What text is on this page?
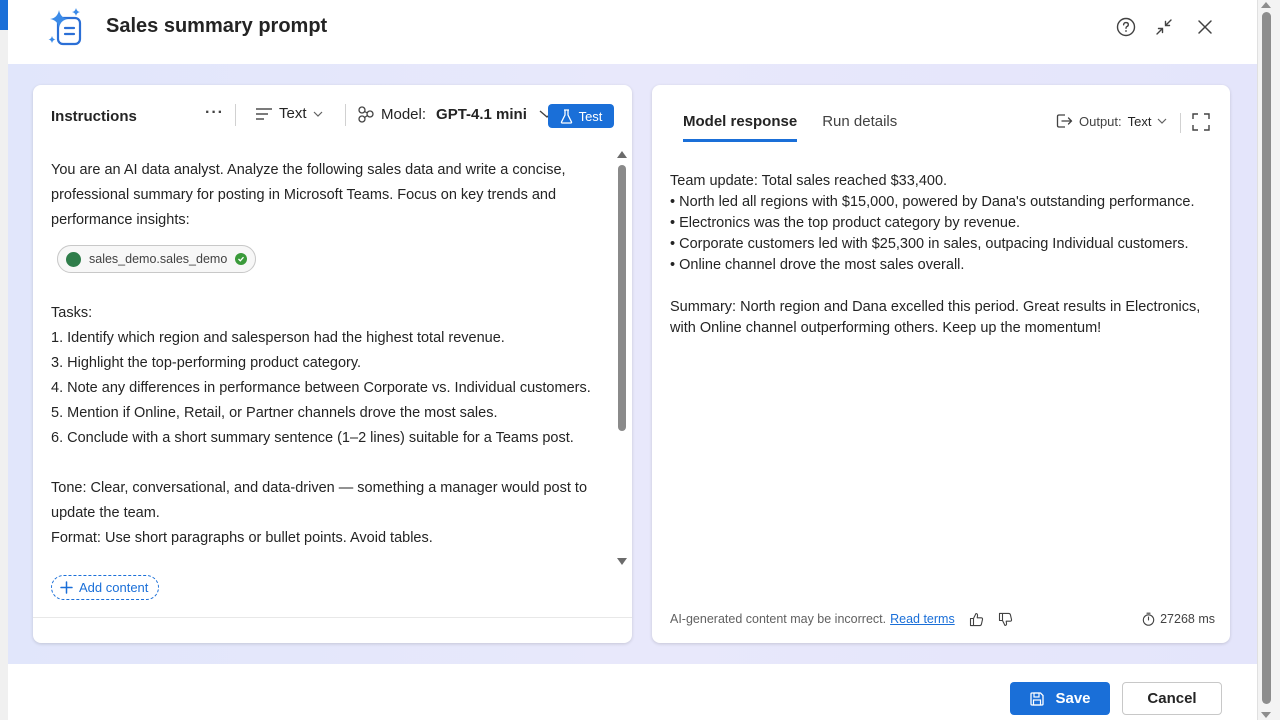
Sales summary prompt
Instructions	···	Text	Model: GPT-4.1 mini	Test

You are an AI data analyst. Analyze the following sales data and write a concise,

professional summary for posting in Microsoft Teams. Focus on key trends and

performance insights:

sales_demo.sales_demo

Tasks:

1. Identify which region and salesperson had the highest total revenue.

3. Highlight the top-performing product category.

4. Note any differences in performance between Corporate vs. Individual customers.

5. Mention if Online, Retail, or Partner channels drove the most sales.

6. Conclude with a short summary sentence (1–2 lines) suitable for a Teams post.

Tone: Clear, conversational, and data-driven — something a manager would post to

update the team.

Format: Use short paragraphs or bullet points. Avoid tables.

Add content
Model response Run details	Output: Text

Team update: Total sales reached $33,400.

• North led all regions with $15,000, powered by Dana's outstanding performance.

• Electronics was the top product category by revenue.

• Corporate customers led with $25,300 in sales, outpacing Individual customers.

• Online channel drove the most sales overall.

Summary: North region and Dana excelled this period. Great results in Electronics,

with Online channel outperforming others. Keep up the momentum!

AI-generated content may be incorrect. Read terms	27268 ms
Save	Cancel
